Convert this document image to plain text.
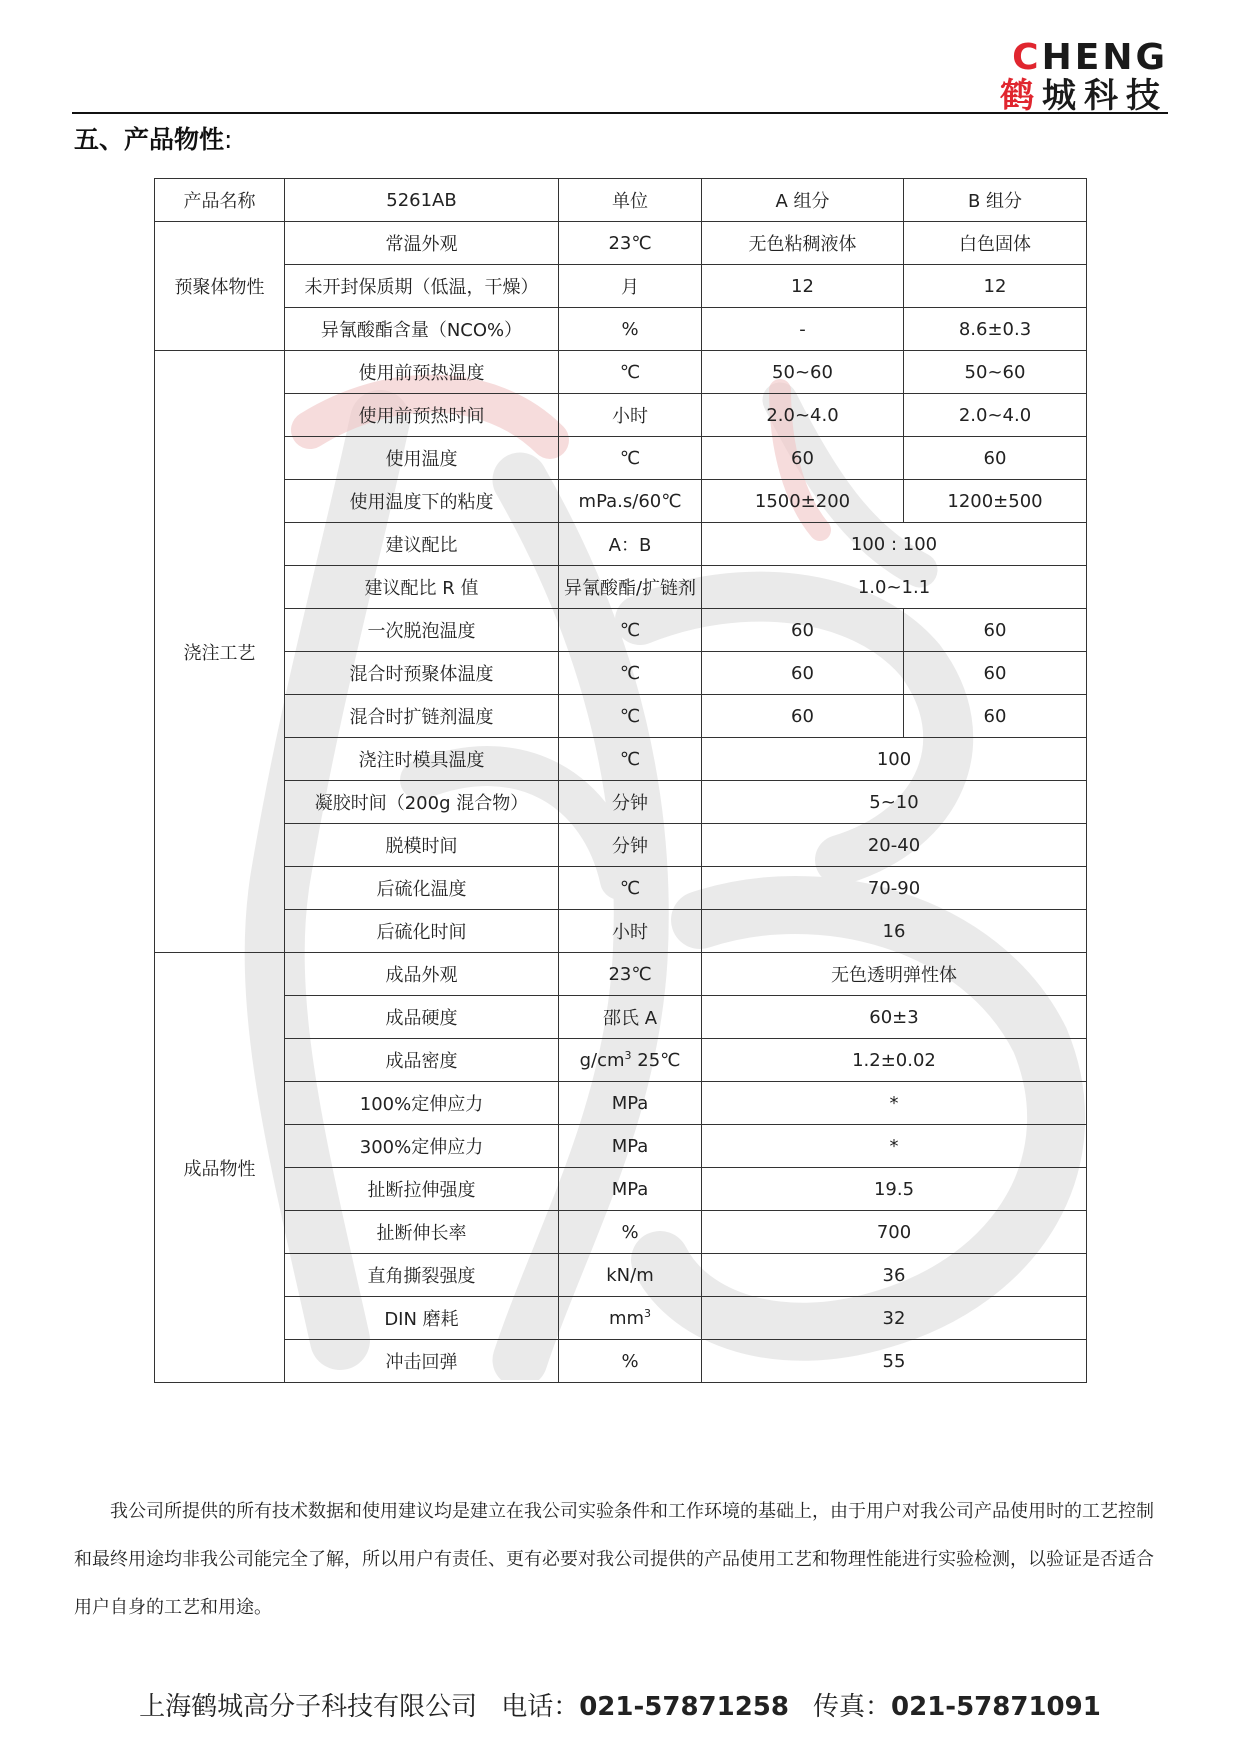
CHENG
鹤城科技
五、产品物性:
产品名称	5261AB	单位	A 组分	B 组分
预聚体物性	常温外观	23℃	无色粘稠液体	白色固体
	未开封保质期（低温，干燥）	月	12	12
	异氰酸酯含量（NCO%）	%	-	8.6±0.3
浇注工艺	使用前预热温度	℃	50~60	50~60
	使用前预热时间	小时	2.0~4.0	2.0~4.0
	使用温度	℃	60	60
	使用温度下的粘度	mPa.s/60℃	1500±200	1200±500
	建议配比	A：B	100 : 100	
	建议配比 R 值	异氰酸酯/扩链剂	1.0~1.1	
	一次脱泡温度	℃	60	60
	混合时预聚体温度	℃	60	60
	混合时扩链剂温度	℃	60	60
	浇注时模具温度	℃	100	
	凝胶时间（200g 混合物）	分钟	5~10	
	脱模时间	分钟	20-40	
	后硫化温度	℃	70-90	
	后硫化时间	小时	16	
成品物性	成品外观	23℃	无色透明弹性体	
	成品硬度	邵氏 A	60±3	
	成品密度	$g/cm^3$ 25℃	1.2±0.02	
	100%定伸应力	MPa	*	
	300%定伸应力	MPa	*	
	扯断拉伸强度	MPa	19.5	
	扯断伸长率	%	700	
	直角撕裂强度	kN/m	36	
	DIN 磨耗	$mm^3$	32	
	冲击回弹	%	55	

我公司所提供的所有技术数据和使用建议均是建立在我公司实验条件和工作环境的基础上，由于用户对我公司产品使用时的工艺控制和最终用途均非我公司能完全了解，所以用户有责任、更有必要对我公司提供的产品使用工艺和物理性能进行实验检测，以验证是否适合用户自身的工艺和用途。

上海鹤城高分子科技有限公司 电话：021-57871258 传真：021-57871091
